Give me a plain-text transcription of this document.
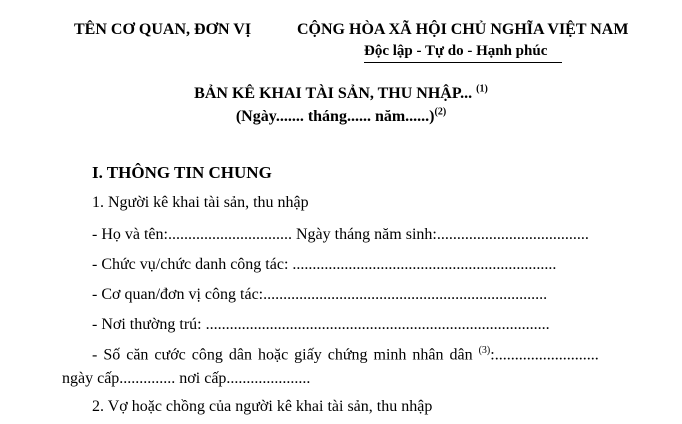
TÊN CƠ QUAN, ĐƠN VỊ	CỘNG HÒA XÃ HỘI CHỦ NGHĨA VIỆT NAM
Độc lập - Tự do - Hạnh phúc
BẢN KÊ KHAI TÀI SẢN, THU NHẬP... $^{(1)}$
(Ngày....... tháng...... năm......)$^{(2)}$
I. THÔNG TIN CHUNG
1. Người kê khai tài sản, thu nhập
- Họ và tên:............................... Ngày tháng năm sinh:......................................
- Chức vụ/chức danh công tác: ..................................................................
- Cơ quan/đơn vị công tác:.......................................................................
- Nơi thường trú: ......................................................................................
- Số căn cước công dân hoặc giấy chứng minh nhân dân $^{(3)}$:..........................
ngày cấp.............. nơi cấp.....................
2. Vợ hoặc chồng của người kê khai tài sản, thu nhập
